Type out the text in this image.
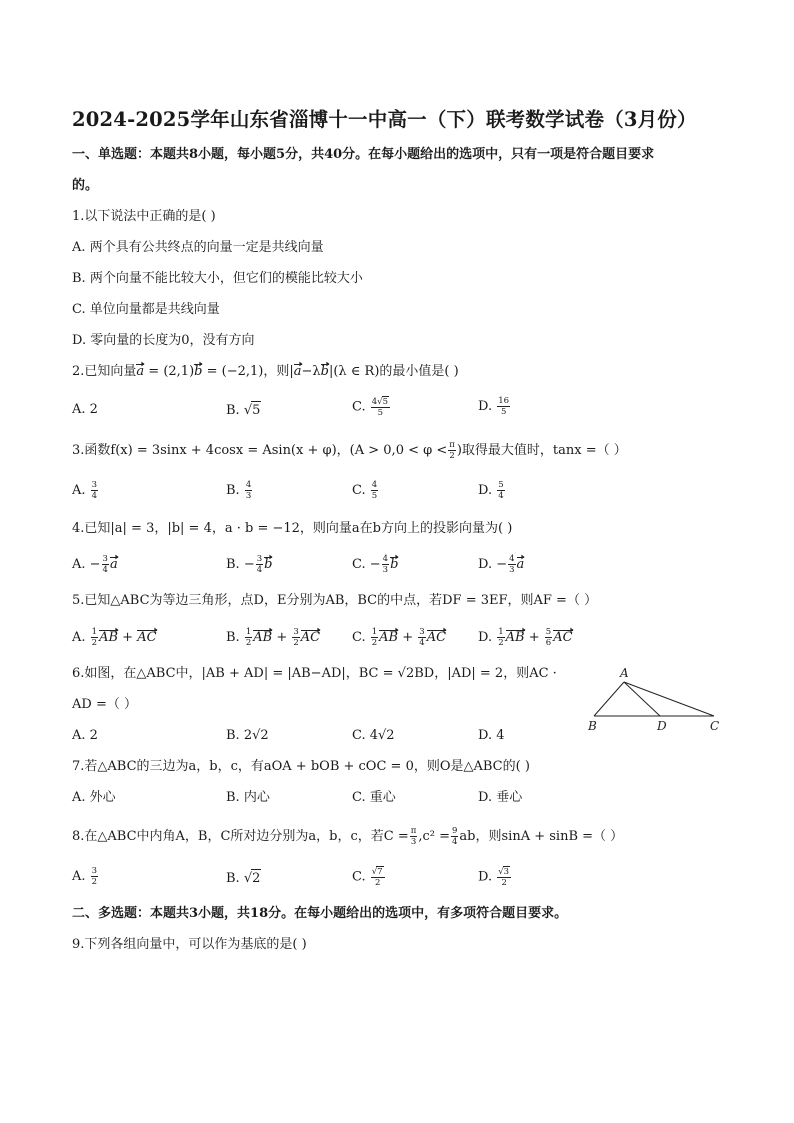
2024-2025学年山东省淄博十一中高一（下）联考数学试卷（3月份）
一、单选题：本题共8小题，每小题5分，共40分。在每小题给出的选项中，只有一项是符合题目要求
的。
1.以下说法中正确的是( )
A. 两个具有公共终点的向量一定是共线向量
B. 两个向量不能比较大小，但它们的模能比较大小
C. 单位向量都是共线向量
D. 零向量的长度为0，没有方向
2.已知向量a = (2,1)b = (−2,1)，则|a−λb|(λ ∈ R)的最小值是( )
A. 2	B. √5	C. $\frac{4√5}{5}$	D. $\frac{16}{5}$
3.函数f(x) = 3sinx + 4cosx = Asin(x + φ)，($A > 0,0 < \varphi < \frac{\pi}{2}$ )取得最大值时，tanx =（ ）
A. $\frac{3}{4}$	B. $\frac{4}{3}$	C. $\frac{4}{5}$	D. $\frac{5}{4}$
4.已知|a| = 3，|b| = 4，a · b = −12，则向量a在b方向上的投影向量为( )
A. − $\frac{3}{4}$ a	B. − $\frac{3}{4}$ b	C. − $\frac{4}{3}$ b	D. − $\frac{4}{3}$ a
5.已知△ABC为等边三角形，点D，E分别为AB，BC的中点，若DF = 3EF，则AF =（ ）
A. $\frac{1}{2}$ AB + AC	B. $\frac{1}{2}$ AB + $\frac{3}{2}$ AC C. $\frac{1}{2}$ AB + $\frac{3}{4}$ AC D. $\frac{1}{2}$ AB + $\frac{5}{6}$ AC
6.如图，在△ABC中，|AB + AD| = |AB−AD|，BC = √2BD，|AD| = 2，则AC ·
AD =（ ）
A. 2	B. 2√2	C. 4√2	D. 4
A
B	D	C
7.若△ABC的三边为a，b，c，有aOA + bOB + cOC = 0，则O是△ABC的( )
A. 外心	B. 内心	C. 重心	D. 垂心
8.在△ABC中内角A，B，C所对边分别为a，b，c，若$C = \frac{\pi}{3} ,c^2 = \frac{9}{4}$ ab，则sinA + sinB =（ ）
A. $\frac{3}{2}$	B. √2	C. $\frac{√7}{2}$	D. $\frac{√3}{2}$
二、多选题：本题共3小题，共18分。在每小题给出的选项中，有多项符合题目要求。
9.下列各组向量中，可以作为基底的是( )
